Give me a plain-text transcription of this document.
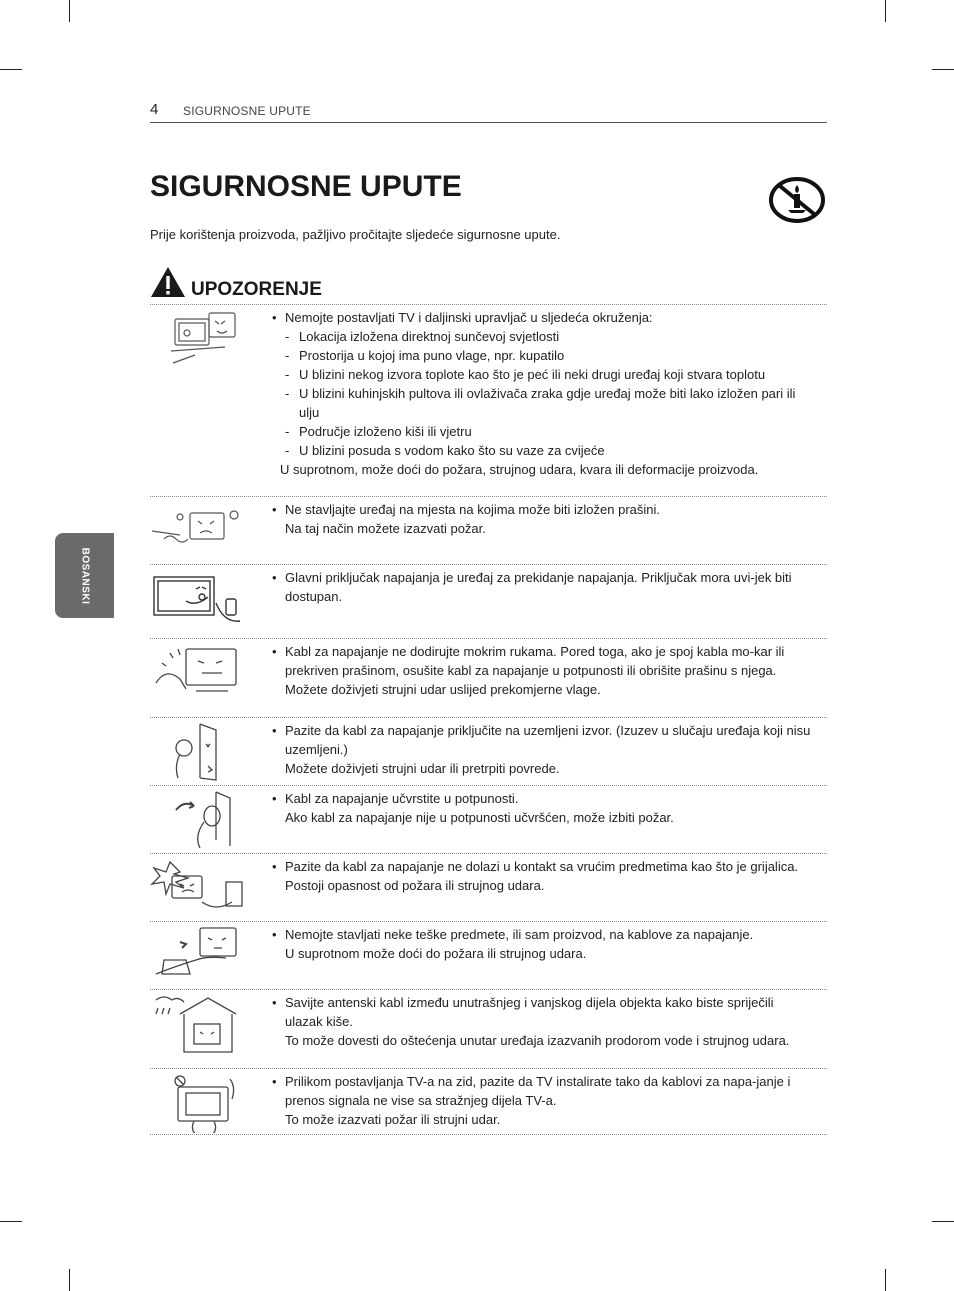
4 SIGURNOSNE UPUTE
BOSANSKI
SIGURNOSNE UPUTE
Prije korištenja proizvoda, pažljivo pročitajte sljedeće sigurnosne upute.
UPOZORENJE
• Nemojte postavljati TV i daljinski upravljač u sljedeća okruženja:
- Lokacija izložena direktnoj sunčevoj svjetlosti
- Prostorija u kojoj ima puno vlage, npr. kupatilo
- U blizini nekog izvora toplote kao što je peć ili neki drugi uređaj koji stvara toplotu
- U blizini kuhinjskih pultova ili ovlaživača zraka gdje uređaj može biti lako izložen pari ili ulju
- Područje izloženo kiši ili vjetru
- U blizini posuda s vodom kako što su vaze za cvijeće
U suprotnom, može doći do požara, strujnog udara, kvara ili deformacije proizvoda.
• Ne stavljajte uređaj na mjesta na kojima može biti izložen prašini.
Na taj način možete izazvati požar.
• Glavni priključak napajanja je uređaj za prekidanje napajanja. Priključak mora uvi-jek biti dostupan.
• Kabl za napajanje ne dodirujte mokrim rukama. Pored toga, ako je spoj kabla mo-kar ili prekriven prašinom, osušite kabl za napajanje u potpunosti ili obrišite prašinu s njega.
Možete doživjeti strujni udar uslijed prekomjerne vlage.
• Pazite da kabl za napajanje priključite na uzemljeni izvor. (Izuzev u slučaju uređaja koji nisu uzemljeni.)
Možete doživjeti strujni udar ili pretrpiti povrede.
• Kabl za napajanje učvrstite u potpunosti.
Ako kabl za napajanje nije u potpunosti učvršćen, može izbiti požar.
• Pazite da kabl za napajanje ne dolazi u kontakt sa vrućim predmetima kao što je grijalica.
Postoji opasnost od požara ili strujnog udara.
• Nemojte stavljati neke teške predmete, ili sam proizvod, na kablove za napajanje.
U suprotnom može doći do požara ili strujnog udara.
• Savijte antenski kabl između unutrašnjeg i vanjskog dijela objekta kako biste spriječili ulazak kiše.
To može dovesti do oštećenja unutar uređaja izazvanih prodorom vode i strujnog udara.
• Prilikom postavljanja TV-a na zid, pazite da TV instalirate tako da kablovi za napa-janje i prenos signala ne vise sa stražnjeg dijela TV-a.
To može izazvati požar ili strujni udar.
